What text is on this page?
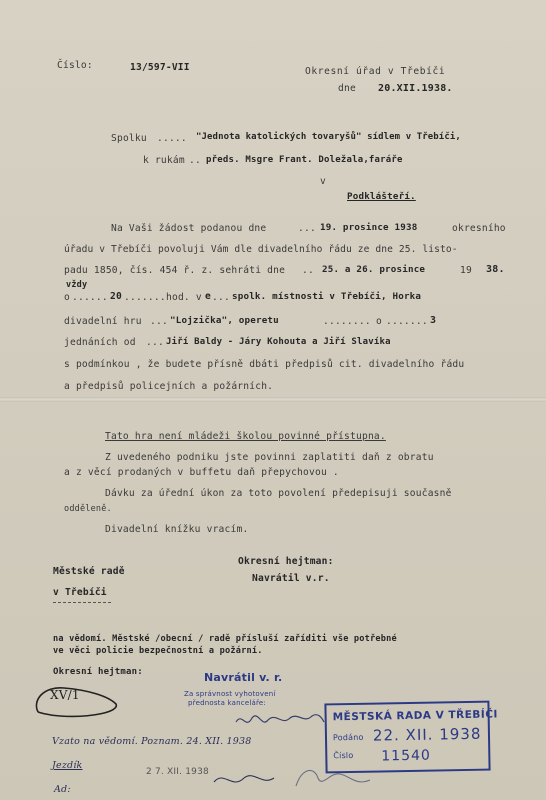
Číslo:	13/597-VII	Okresní úřad v Třebíči
dne 20.XII.1938.
Spolku ..... "Jednota katolických tovaryšů" sídlem v Třebíči,
k rukám .. předs. Msgre Frant. Doležala,faráře
v
Podklášteří.
Na Vaši žádost podanou dne	... 19. prosince 1938	okresního
úřadu v Třebíči povoluji Vám dle divadelního řádu ze dne 25. listo-
padu 1850, čís. 454 ř. z. sehráti dne .. 25. a 26. prosince	19 38.
vždy
o ...... 20 ....... hod. v e ... spolk. místnosti v Třebíči, Horka
divadelní hru ... "Lojzička", operetu	........ o ....... 3
jednáních od ... Jiří Baldy - Járy Kohouta a Jiří Slavíka
s podmínkou , že budete přísně dbáti předpisů cit. divadelního řádu
a předpisů policejních a požárních.
Tato hra není mládeži školou povinné přístupna.
Z uvedeného podniku jste povinni zaplatiti daň z obratu
a z věcí prodaných v buffetu daň přepychovou .
Dávku za úřední úkon za toto povolení předepisuji současně
odděleně.
Divadelní knížku vracím.
Okresní hejtman:
Navrátil v.r.
Městské radě
v Třebíči
na vědomí. Městské /obecní / radě přísluší zaříditi vše potřebné
ve věci policie bezpečnostní a požární.
Okresní hejtman:	Navrátil v. r.
Za správnost vyhotovení
přednosta kanceláře:
XV/1
Vzato na vědomí. Poznam. 24. XII. 1938
Jezdík
Ad:
2 7. XII. 1938
MĚSTSKÁ RADA V TŘEBÍČI
Podáno 22. XII. 1938
Číslo 11540
